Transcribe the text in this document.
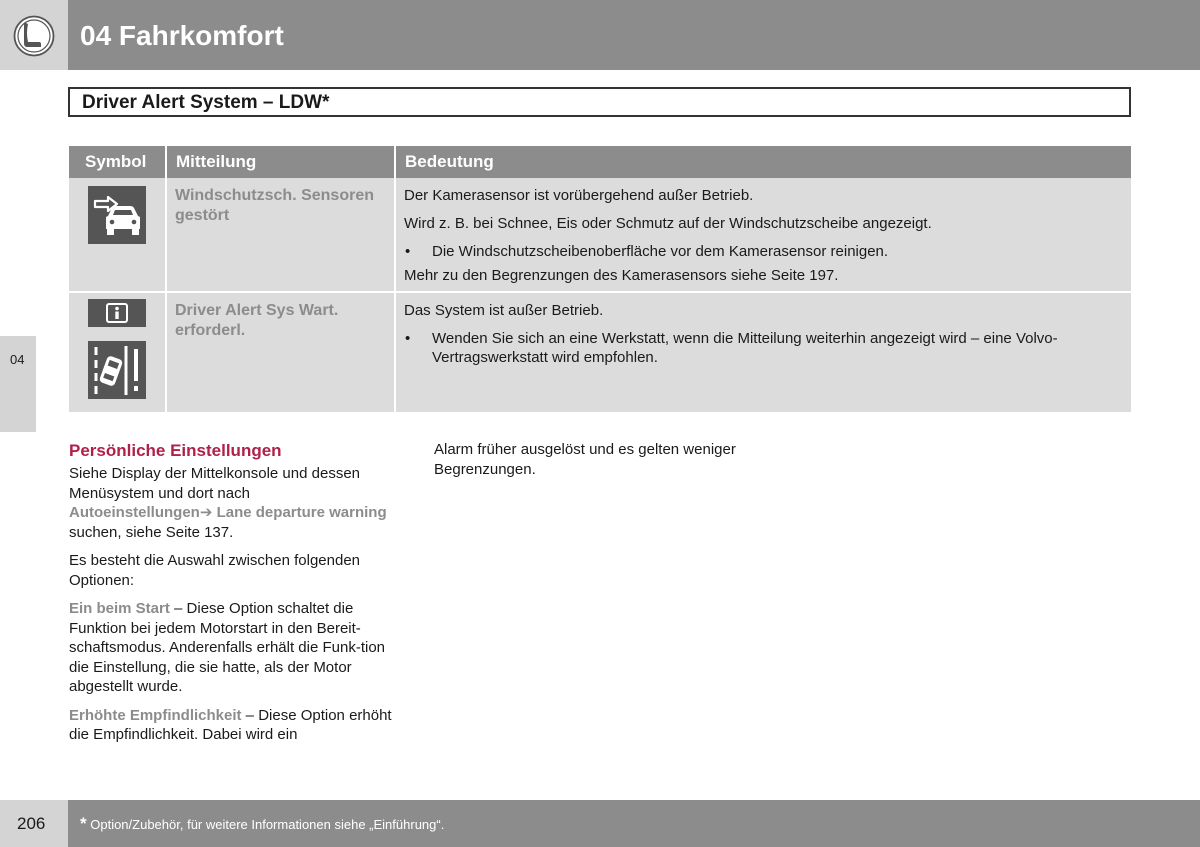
04 Fahrkomfort
Driver Alert System – LDW*
Symbol	Mitteilung	Bedeutung
Windschutzsch. Sensoren gestört
Der Kamerasensor ist vorübergehend außer Betrieb.
Wird z. B. bei Schnee, Eis oder Schmutz auf der Windschutzscheibe angezeigt.
• Die Windschutzscheibenoberfläche vor dem Kamerasensor reinigen.
Mehr zu den Begrenzungen des Kamerasensors siehe Seite 197.
Driver Alert Sys Wart. erforderl.
Das System ist außer Betrieb.
• Wenden Sie sich an eine Werkstatt, wenn die Mitteilung weiterhin angezeigt wird – eine Volvo-Vertragswerkstatt wird empfohlen.
04
Persönliche Einstellungen
Siehe Display der Mittelkonsole und dessen Menüsystem und dort nach
Autoeinstellungen➔ Lane departure warning suchen, siehe Seite 137.
Es besteht die Auswahl zwischen folgenden Optionen:
Ein beim Start – Diese Option schaltet die Funktion bei jedem Motorstart in den Bereit-schaftsmodus. Anderenfalls erhält die Funk-tion die Einstellung, die sie hatte, als der Motor abgestellt wurde.
Erhöhte Empfindlichkeit – Diese Option erhöht die Empfindlichkeit. Dabei wird ein
Alarm früher ausgelöst und es gelten weniger Begrenzungen.
206 * Option/Zubehör, für weitere Informationen siehe „Einführung“.
